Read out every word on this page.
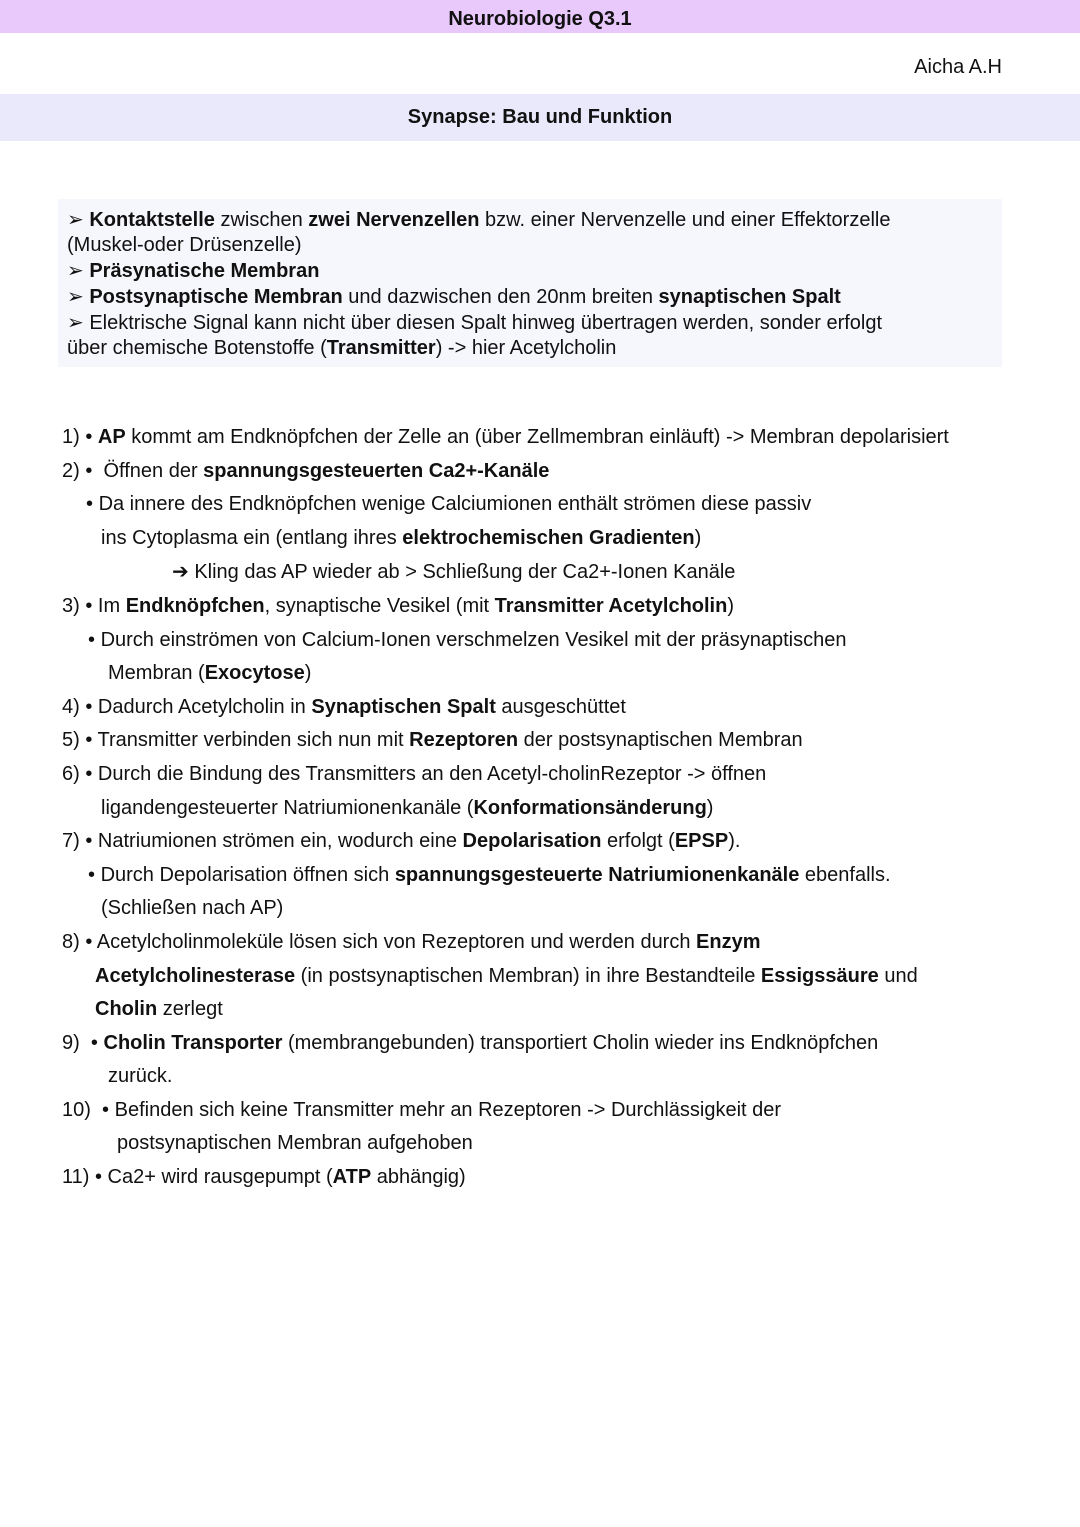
Neurobiologie Q3.1
Aicha A.H
Synapse: Bau und Funktion
➢ Kontaktstelle zwischen zwei Nervenzellen bzw. einer Nervenzelle und einer Effektorzelle
(Muskel-oder Drüsenzelle)
➢ Präsynatische Membran
➢ Postsynaptische Membran und dazwischen den 20nm breiten synaptischen Spalt
➢ Elektrische Signal kann nicht über diesen Spalt hinweg übertragen werden, sonder erfolgt
über chemische Botenstoffe (Transmitter) -> hier Acetylcholin
1) • AP kommt am Endknöpfchen der Zelle an (über Zellmembran einläuft) -> Membran depolarisiert
2) • Öffnen der spannungsgesteuerten Ca2+-Kanäle
• Da innere des Endknöpfchen wenige Calciumionen enthält strömen diese passiv
ins Cytoplasma ein (entlang ihres elektrochemischen Gradienten)
➔ Kling das AP wieder ab > Schließung der Ca2+-Ionen Kanäle
3) • Im Endknöpfchen, synaptische Vesikel (mit Transmitter Acetylcholin)
• Durch einströmen von Calcium-Ionen verschmelzen Vesikel mit der präsynaptischen
Membran (Exocytose)
4) • Dadurch Acetylcholin in Synaptischen Spalt ausgeschüttet
5) • Transmitter verbinden sich nun mit Rezeptoren der postsynaptischen Membran
6) • Durch die Bindung des Transmitters an den Acetyl-cholinRezeptor -> öffnen
ligandengesteuerter Natriumionenkanäle (Konformationsänderung)
7) • Natriumionen strömen ein, wodurch eine Depolarisation erfolgt (EPSP).
• Durch Depolarisation öffnen sich spannungsgesteuerte Natriumionenkanäle ebenfalls.
(Schließen nach AP)
8) • Acetylcholinmoleküle lösen sich von Rezeptoren und werden durch Enzym
Acetylcholinesterase (in postsynaptischen Membran) in ihre Bestandteile Essigssäure und
Cholin zerlegt
9) • Cholin Transporter (membrangebunden) transportiert Cholin wieder ins Endknöpfchen
zurück.
10) • Befinden sich keine Transmitter mehr an Rezeptoren -> Durchlässigkeit der
postsynaptischen Membran aufgehoben
11) • Ca2+ wird rausgepumpt (ATP abhängig)
